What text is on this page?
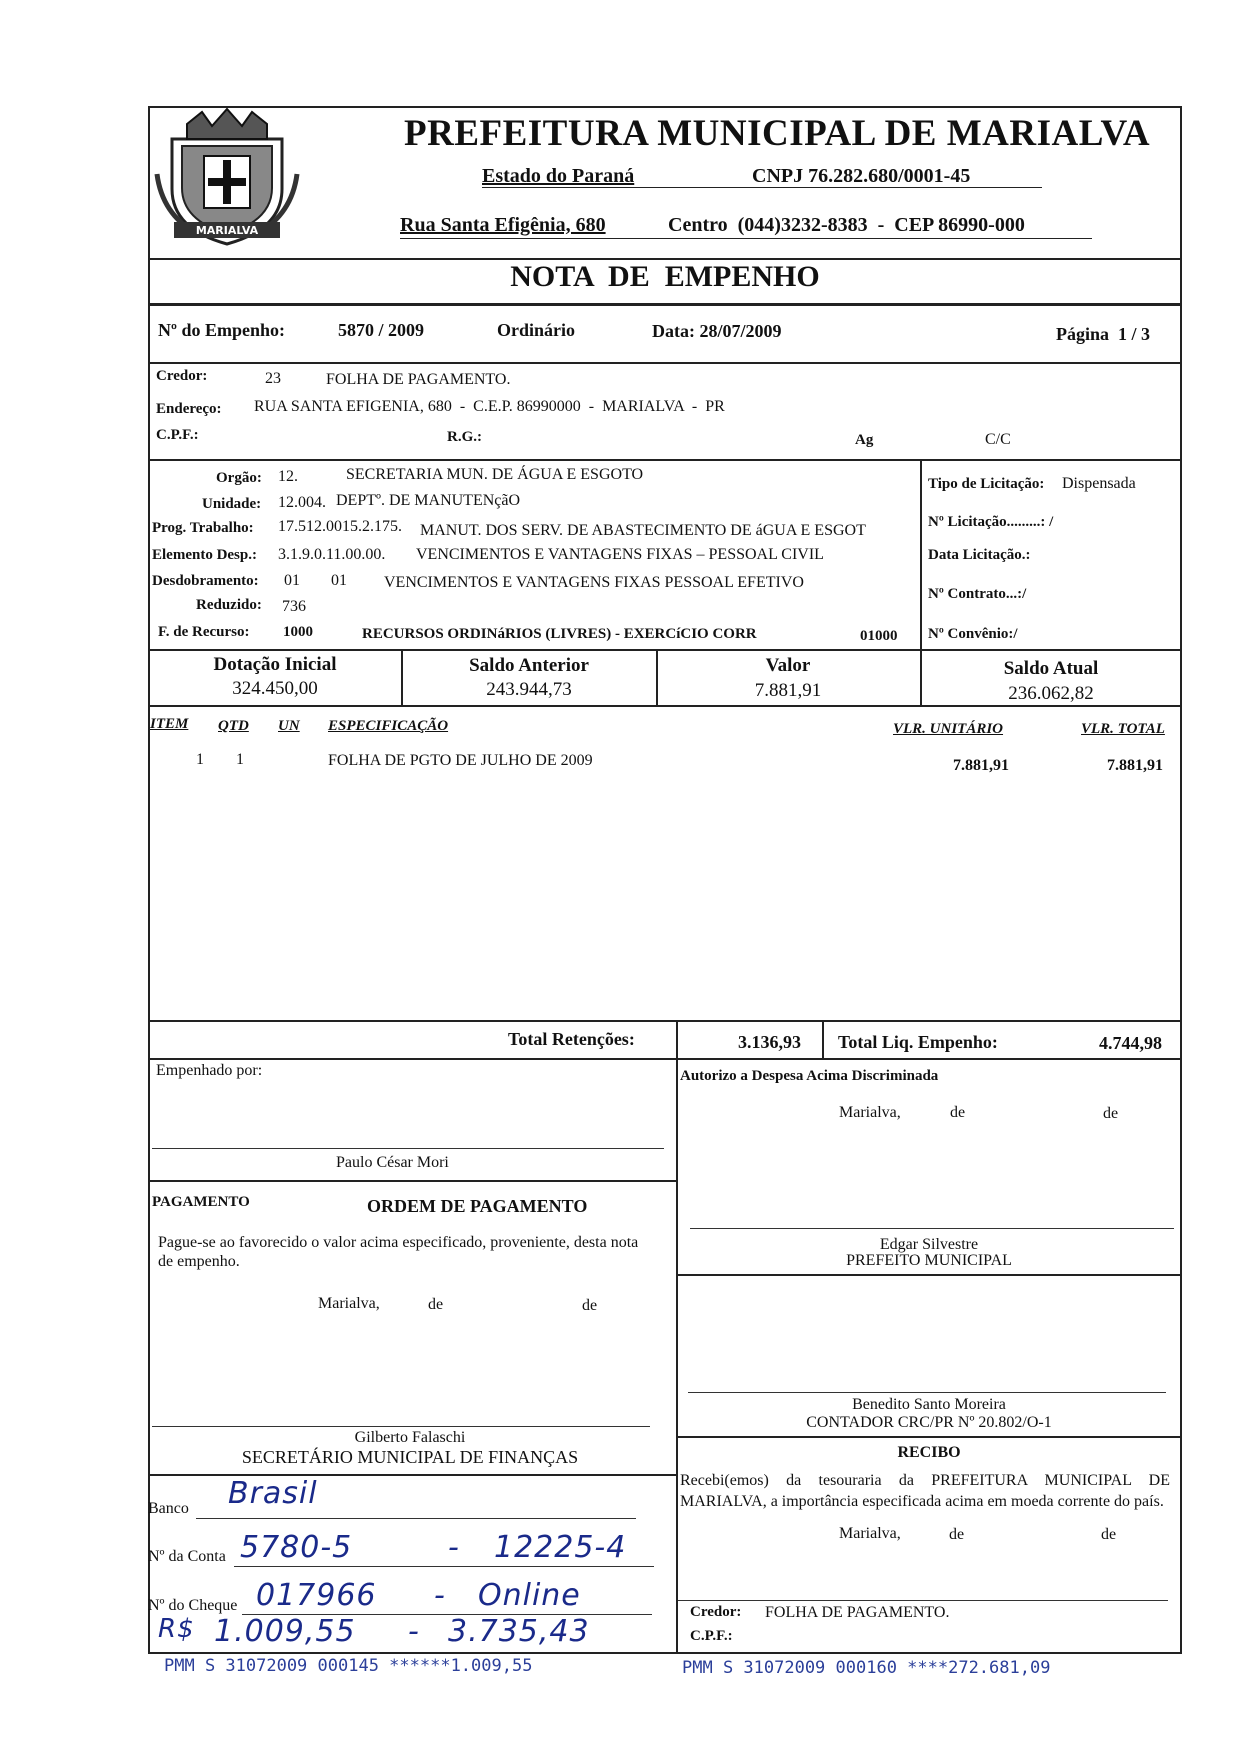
MARIALVA
PREFEITURA MUNICIPAL DE MARIALVA
Estado do Paraná	CNPJ 76.282.680/0001-45
Rua Santa Efigênia, 680	Centro  (044)3232-8383  -  CEP 86990-000
NOTA  DE  EMPENHO
Nº do Empenho:	5870 / 2009	Ordinário	Data: 28/07/2009	Página  1 / 3
Credor:	23	FOLHA DE PAGAMENTO.
Endereço: RUA SANTA EFIGENIA, 680  -  C.E.P. 86990000  -  MARIALVA  -  PR
C.P.F.:	R.G.:	Ag	C/C
Orgão: 12.	SECRETARIA MUN. DE ÁGUA E ESGOTO
Unidade: 12.004. DEPTº. DE MANUTENçãO
Prog. Trabalho: 17.512.0015.2.175. MANUT. DOS SERV. DE ABASTECIMENTO DE áGUA E ESGOT
Elemento Desp.: 3.1.9.0.11.00.00. VENCIMENTOS E VANTAGENS FIXAS – PESSOAL CIVIL
Desdobramento: 01 01 VENCIMENTOS E VANTAGENS FIXAS PESSOAL EFETIVO
Reduzido: 736
F. de Recurso: 1000	RECURSOS ORDINáRIOS (LIVRES) - EXERCíCIO CORR	01000
Tipo de Licitação: Dispensada
Nº Licitação.........: /
Data Licitação.:
Nº Contrato...:/
Nº Convênio:/
Dotação Inicial
324.450,00
Saldo Anterior
243.944,73
Valor
7.881,91
Saldo Atual
236.062,82
ITEM QTD UN ESPECIFICAÇÃO	VLR. UNITÁRIO	VLR. TOTAL
1 1	FOLHA DE PGTO DE JULHO DE 2009	7.881,91	7.881,91
Total Retenções:	3.136,93 Total Liq. Empenho:	4.744,98
Empenhado por:
Paulo César Mori
Autorizo a Despesa Acima Discriminada
Marialva,	de	de
Edgar Silvestre
PREFEITO MUNICIPAL
Benedito Santo Moreira
CONTADOR CRC/PR Nº 20.802/O-1
PAGAMENTO	ORDEM DE PAGAMENTO
Pague-se ao favorecido o valor acima especificado, proveniente, desta nota de empenho.
Marialva,	de	de
Gilberto Falaschi
SECRETÁRIO MUNICIPAL DE FINANÇAS	RECIBO
Recebi(emos) da tesouraria da PREFEITURA MUNICIPAL DE MARIALVA, a importância especificada acima em moeda corrente do país.
Marialva,	de	de
Credor: FOLHA DE PAGAMENTO.
C.P.F.:
Banco Brasil
Nº da Conta 5780-5	- 12225-4
Nº do Cheque 017966 - Online
R$ 1.009,55 - 3.735,43
PMM S 31072009 000145 ******1.009,55	PMM S 31072009 000160 ****272.681,09
